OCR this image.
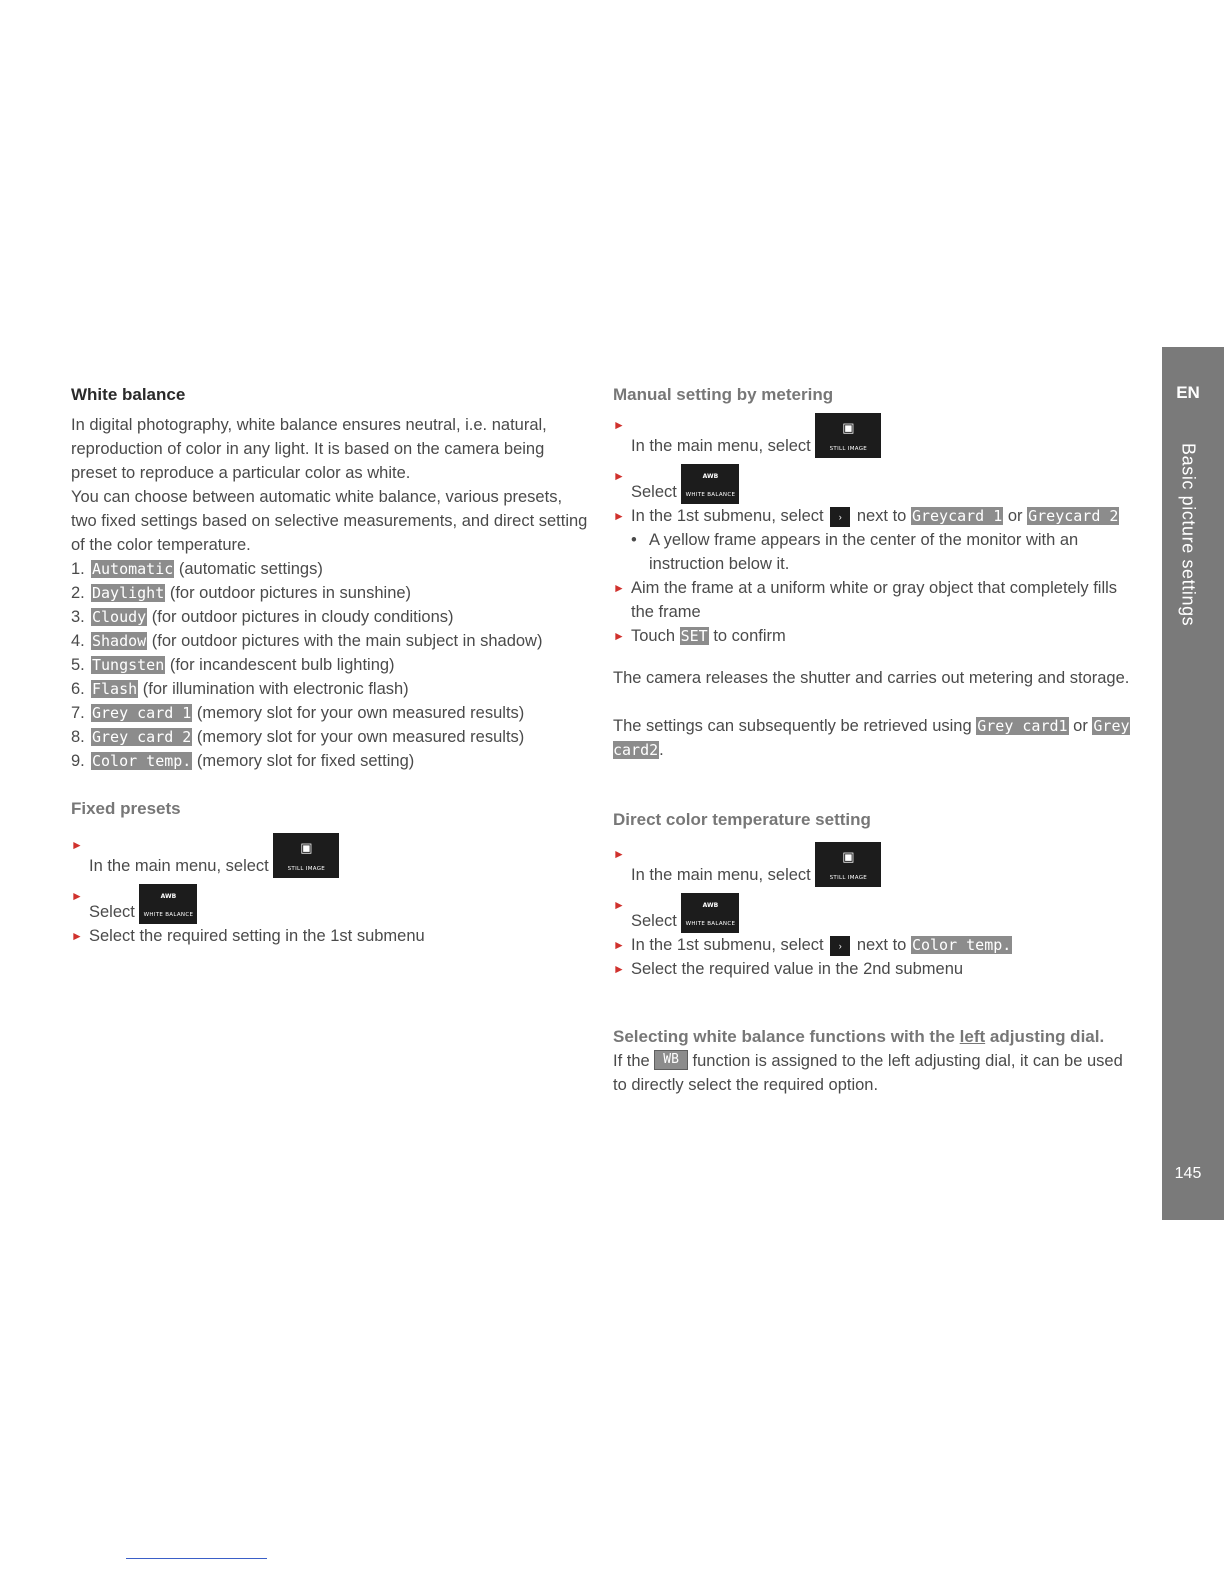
White balance

In digital photography, white balance ensures neutral, i.e. natural, reproduction of color in any light. It is based on the camera being preset to reproduce a particular color as white.

You can choose between automatic white balance, various presets, two fixed settings based on selective measurements, and direct setting of the color temperature.

1. Automatic (automatic settings)
2. Daylight (for outdoor pictures in sunshine)
3. Cloudy (for outdoor pictures in cloudy conditions)
4. Shadow (for outdoor pictures with the main subject in shadow)
5. Tungsten (for incandescent bulb lighting)
6. Flash (for illumination with electronic flash)
7. Grey card 1 (memory slot for your own measured results)
8. Grey card 2 (memory slot for your own measured results)
9. Color temp. (memory slot for fixed setting)
Fixed presets

►
In the main menu, select
▣
STILL IMAGE

►
Select
AWB
WHITE BALANCE

► Select the required setting in the 1st submenu

Manual setting by metering

►
In the main menu, select
▣
STILL IMAGE

►
Select
AWB
WHITE BALANCE

► In the 1st submenu, select › next to Greycard 1 or Greycard 2

• A yellow frame appears in the center of the monitor with an instruction below it.

► Aim the frame at a uniform white or gray object that completely fills the frame

► Touch SET to confirm

The camera releases the shutter and carries out metering and storage.

The settings can subsequently be retrieved using Grey card1 or Grey card2.

Direct color temperature setting

►
In the main menu, select
▣
STILL IMAGE

►
Select
AWB
WHITE BALANCE

► In the 1st submenu, select › next to Color temp.

► Select the required value in the 2nd submenu

Selecting white balance functions with the left adjusting dial.

If the WB function is assigned to the left adjusting dial, it can be used to directly select the required option.

EN
Basic picture settings
145
